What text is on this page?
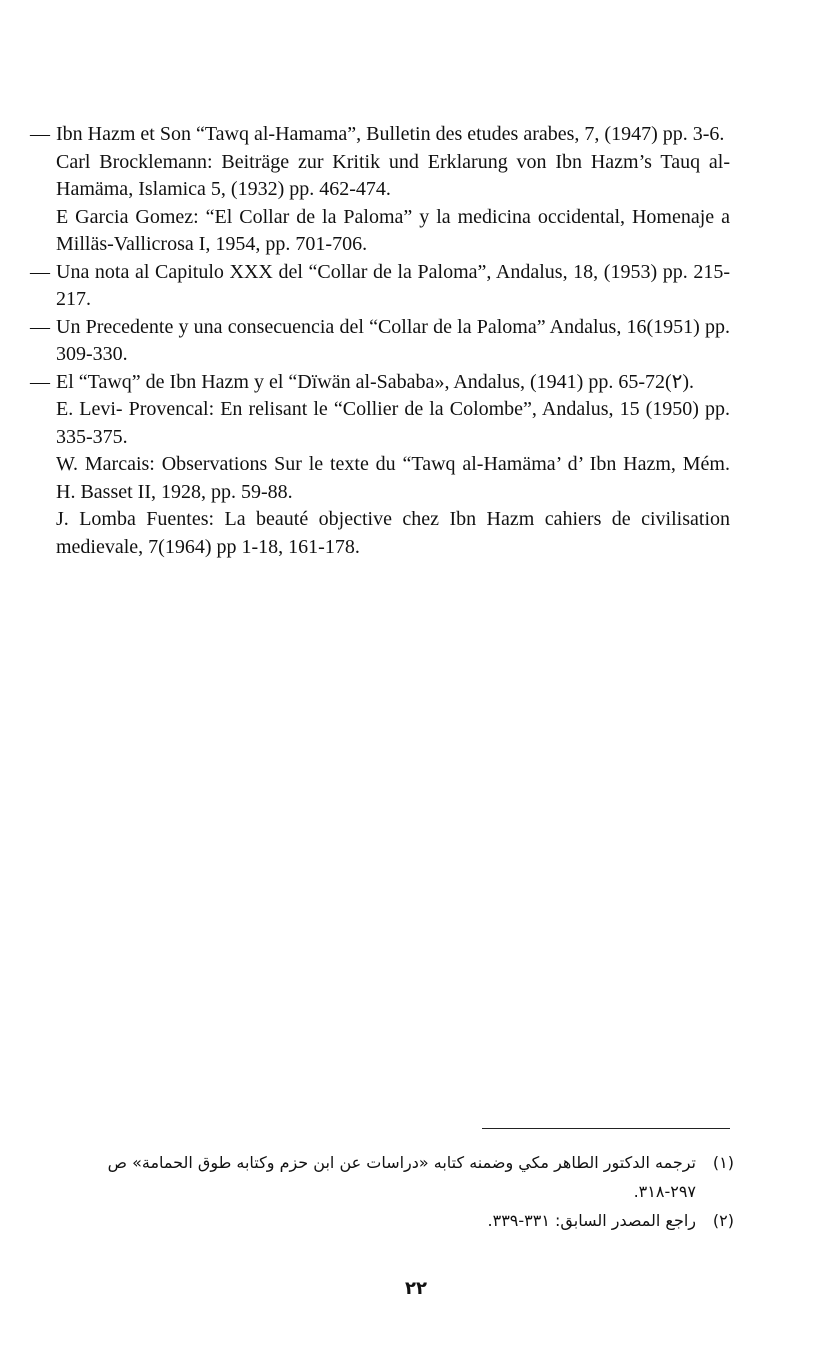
— Ibn Hazm et Son “Tawq al-Hamama”, Bulletin des etudes arabes, 7, (1947) pp. 3-6.
Carl Brocklemann: Beiträge zur Kritik und Erklarung von Ibn Hazm’s Tauq al-Hamäma, Islamica 5, (1932) pp. 462-474.
E Garcia Gomez: “El Collar de la Paloma” y la medicina occidental, Homenaje a Milläs-Vallicrosa I, 1954, pp. 701-706.
— Una nota al Capitulo XXX del “Collar de la Paloma”, Andalus, 18, (1953) pp. 215-217.
— Un Precedente y una consecuencia del “Collar de la Paloma” Andalus, 16(1951) pp. 309-330.
— El “Tawq” de Ibn Hazm y el “Dïwän al-Sababa», Andalus, (1941) pp. 65-72(٢).
E. Levi- Provencal: En relisant le “Collier de la Colombe”, Andalus, 15 (1950) pp. 335-375.
W. Marcais: Observations Sur le texte du “Tawq al-Hamäma’ d’ Ibn Hazm, Mém. H. Basset II, 1928, pp. 59-88.
J. Lomba Fuentes: La beauté objective chez Ibn Hazm cahiers de civilisation medievale, 7(1964) pp 1-18, 161-178.
(١)
ترجمه الدكتور الطاهر مكي وضمنه كتابه «دراسات عن ابن حزم وكتابه طوق الحمامة» ص ٢٩٧-٣١٨.
(٢)
راجع المصدر السابق: ٣٣١-٣٣٩.
٢٢
